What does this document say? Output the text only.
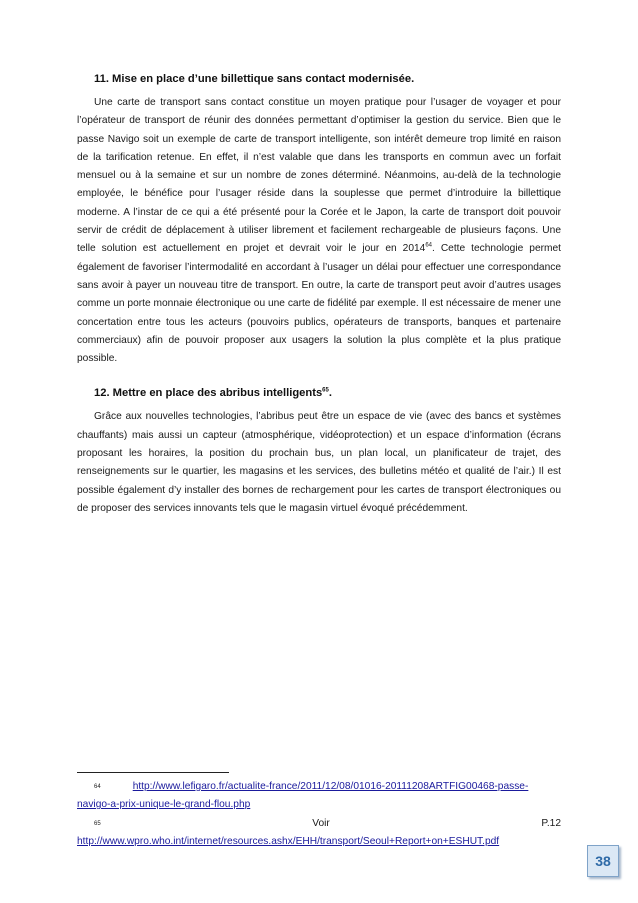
11. Mise en place d’une billettique sans contact modernisée.

Une carte de transport sans contact constitue un moyen pratique pour l’usager de voyager et pour l’opérateur de transport de réunir des données permettant d’optimiser la gestion du service. Bien que le passe Navigo soit un exemple de carte de transport intelligente, son intérêt demeure trop limité en raison de la tarification retenue. En effet, il n’est valable que dans les transports en commun avec un forfait mensuel ou à la semaine et sur un nombre de zones déterminé. Néanmoins, au-delà de la technologie employée, le bénéfice pour l’usager réside dans la souplesse que permet d’introduire la billettique moderne. A l’instar de ce qui a été présenté pour la Corée et le Japon, la carte de transport doit pouvoir servir de crédit de déplacement à utiliser librement et facilement rechargeable de plusieurs façons. Une telle solution est actuellement en projet et devrait voir le jour en 2014$^{64}$. Cette technologie permet également de favoriser l’intermodalité en accordant à l’usager un délai pour effectuer une correspondance sans avoir à payer un nouveau titre de transport. En outre, la carte de transport peut avoir d’autres usages comme un porte monnaie électronique ou une carte de fidélité par exemple. Il est nécessaire de mener une concertation entre tous les acteurs (pouvoirs publics, opérateurs de transports, banques et partenaire commerciaux) afin de pouvoir proposer aux usagers la solution la plus complète et la plus pratique possible.

12. Mettre en place des abribus intelligents$^{65}$.

Grâce aux nouvelles technologies, l’abribus peut être un espace de vie (avec des bancs et systèmes chauffants) mais aussi un capteur (atmosphérique, vidéoprotection) et un espace d’information (écrans proposant les horaires, la position du prochain bus, un plan local, un planificateur de trajet, des renseignements sur le quartier, les magasins et les services, des bulletins météo et qualité de l’air.) Il est possible également d’y installer des bornes de rechargement pour les cartes de transport électroniques ou de proposer des services innovants tels que le magasin virtuel évoqué précédemment.

$^{64}$	http://www.lefigaro.fr/actualite-france/2011/12/08/01016-20111208ARTFIG00468-passe-navigo-a-prix-unique-le-grand-flou.php

$^{65}$	Voir P.12 http://www.wpro.who.int/internet/resources.ashx/EHH/transport/Seoul+Report+on+ESHUT.pdf

38
